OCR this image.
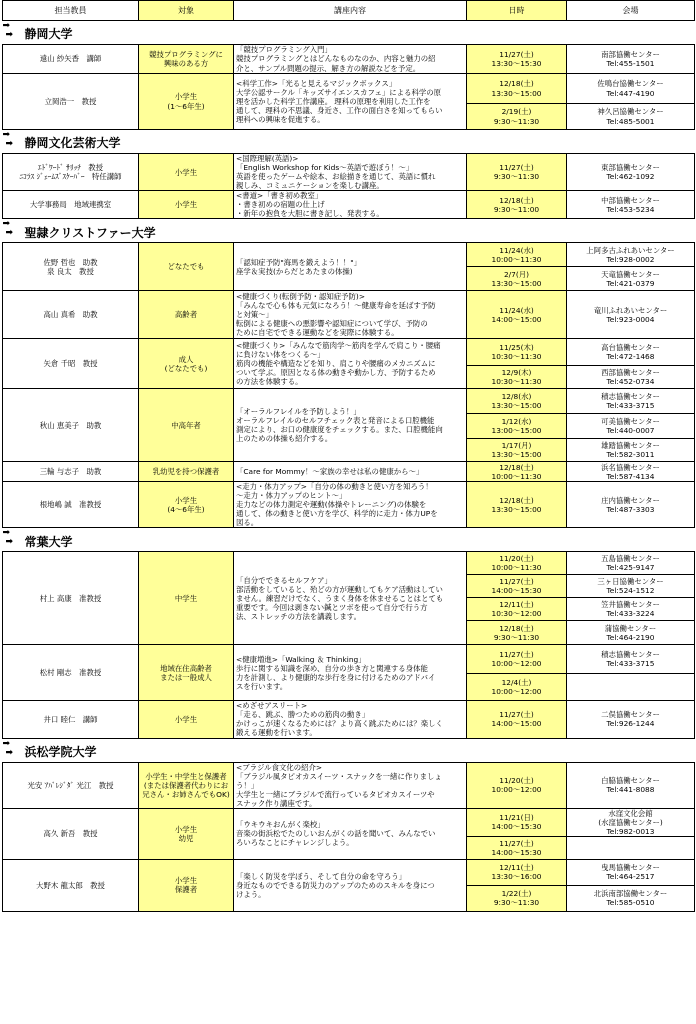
担当教員	対象	講座内容	日時	会場

➡ 静岡大学
➡				

遠山 紗矢香　講師	競技プログラミングに
興味のある方	「競技プログラミング入門」
競技プログラミングとはどんなものなのか、内容と魅力の紹
介と、サンプル問題の提示、解き方の解説などを予定。	11/27(土)
13:30～15:30	南部協働センター
Tel:455-1501
立岡浩一　教授	小学生
(1～6年生)	<科学工作>「光ると見えるマジックボックス」
大学公認サークル「キッズサイエンスカフェ」による科学の原
理を活かした科学工作講座。 理科の原理を利用した工作を
通して、理科の不思議、身近さ、工作の面白さを知ってもらい
理科への興味を促進する。	12/18(土)
13:30～15:00	佐鳴台協働センター
Tel:447-4190
			2/19(土)
9:30～11:30	神久呂協働センター
Tel:485-5001

➡ 静岡文化芸術大学
➡				

ｴﾄﾞﾜｰﾄﾞ ｻﾘｯﾁ　教授
ﾆｺﾗｽ ｼﾞｪｰﾑｽﾞｽｹｰﾊﾞｰ　特任講師	小学生	<国際理解(英語)>
「English Workshop for Kids～英語で遊ぼう！～」
英語を使ったゲームや絵本、お絵描きを通じて、英語に慣れ
親しみ、コミュニケーションを楽しむ講座。	11/27(土)
9:30～11:30	東部協働センター
Tel:462-1092
大学事務局　地域連携室	小学生	<書道>「書き初め教室」
・書き初めの宿題の仕上げ
・新年の抱負を大胆に書き記し、発表する。	12/18(土)
9:30～11:00	中部協働センター
Tel:453-5234

➡ 聖隷クリストファー大学
➡				

佐野 哲也　助教
泉 良太　教授	どなたでも	「認知症予防"海馬を鍛えよう！！"」
座学＆実技(からだとあたまの体操)	11/24(水)
10:00～11:30	上阿多古ふれあいセンター
Tel:928-0002
			2/7(月)
13:30～15:00	天竜協働センター
Tel:421-0379
高山 真希　助教	高齢者	<健康づくり(転倒予防・認知症予防)>
「みんなで心も体も元気になろう！～健康寿命を延ばす予防
と対策～」
転倒による健康への悪影響や認知症について学び、予防の
ために自宅でできる運動などを実際に体験する。	11/24(水)
14:00～15:00	竜川ふれあいセンター
Tel:923-0004
矢倉 千昭　教授	成人
(どなたでも)	<健康づくり>「みんなで筋肉学～筋肉を学んで肩こり・腰痛
に負けない体をつくる～」
筋肉の機能や構造などを知り、肩こりや腰痛のメカニズムに
ついて学ぶ。原因となる体の動きや動かし方、予防するため
の方法を体験する。	11/25(木)
10:30～11:30	高台協働センター
Tel:472-1468
			12/9(木)
10:30～11:30	西部協働センター
Tel:452-0734
秋山 恵美子　助教	中高年者	「オーラルフレイルを予防しよう！」
オーラルフレイルのセルフチェック表と発音による口腔機能
測定により、お口の健康度をチェックする。また、口腔機能向
上のための体操も紹介する。	12/8(水)
13:30～15:00	積志協働センター
Tel:433-3715
			1/12(水)
13:00～15:00	可美協働センター
Tel:440-0007
			1/17(月)
13:30～15:00	雄踏協働センター
Tel:582-3011
三輪 与志子　助教	乳幼児を持つ保護者	「Care for Mommy！～家族の幸せは私の健康から～」	12/18(土)
10:00～11:30	浜名協働センター
Tel:587-4134
根地嶋 誠　准教授	小学生
(4～6年生)	<走力・体力アップ>「自分の体の動きと使い方を知ろう！
～走力・体力アップのヒント～」
走力などの体力測定や運動(体操やトレーニング)の体験を
通して、体の動きと使い方を学び、科学的に走力・体力UPを
図る。	12/18(土)
13:30～15:00	庄内協働センター
Tel:487-3303

➡ 常葉大学
➡				

村上 高康　准教授	中学生	「自分でできるセルフケア」
部活動をしていると、殆どの方が運動してもケア活動はしてい
ません。練習だけでなく、うまく身体を休ませることはとても
重要です。今回は剥きない鍼とツボを使って自分で行う方
法、ストレッチの方法を講義します。	11/20(土)
10:00～11:30	五島協働センター
Tel:425-9147
			11/27(土)
14:00～15:30	三ヶ日協働センター
Tel:524-1512
			12/11(土)
10:30～12:00	笠井協働センター
Tel:433-3224
			12/18(土)
9:30～11:30	蒲協働センター
Tel:464-2190
松村 剛志　准教授	地域在住高齢者
または一般成人	<健康増進>「Walking ＆ Thinking」
歩行に関する知識を深め、自分の歩き方と関連する身体能
力を計測し、より健康的な歩行を身に付けるためのアドバイ
スを行います。	11/27(土)
10:00～12:00	積志協働センター
Tel:433-3715
			12/4(土)
10:00～12:00	
井口 睦仁　講師	小学生	<めざせアスリート>
「走る、跳ぶ、勝つための筋肉の動き」
かけっこが速くなるためには？より高く跳ぶためには？楽しく
鍛える運動を行います。	11/27(土)
14:00～15:00	二俣協働センター
Tel:926-1244

➡ 浜松学院大学
➡				

光安 ｱﾊﾞﾚｼﾞﾀﾞ 光江　教授	小学生・中学生と保護者
(または保護者代わりにお
兄さん・お姉さんでもOK)	<ブラジル食文化の紹介>
「ブラジル風タピオカスイーツ・スナックを一緒に作りましょ
う！」
大学生と一緒にブラジルで流行っているタピオカスイーツや
スナック作り講座です。	11/20(土)
10:00～12:00	白脇協働センター
Tel:441-8088
高久 新吾　教授	小学生
幼児	「ウキウキおんがく楽校」
音楽の街浜松でたのしいおんがくの話を聞いて、みんなでい
ろいろなことにチャレンジしよう。	11/21(日)
14:00～15:30	水窪文化会館
(水窪協働センター)
Tel:982-0013
			11/27(土)
14:00～15:30	
大野木 龍太郎　教授	小学生
保護者	「楽しく防災を学ぼう、そして自分の命を守ろう」
身近なものでできる防災力のアップのためのスキルを身につ
けよう。	12/11(土)
13:30～16:00	曳馬協働センター
Tel:464-2517
			1/22(土)
9:30～11:30	北浜南部協働センター
Tel:585-0510
